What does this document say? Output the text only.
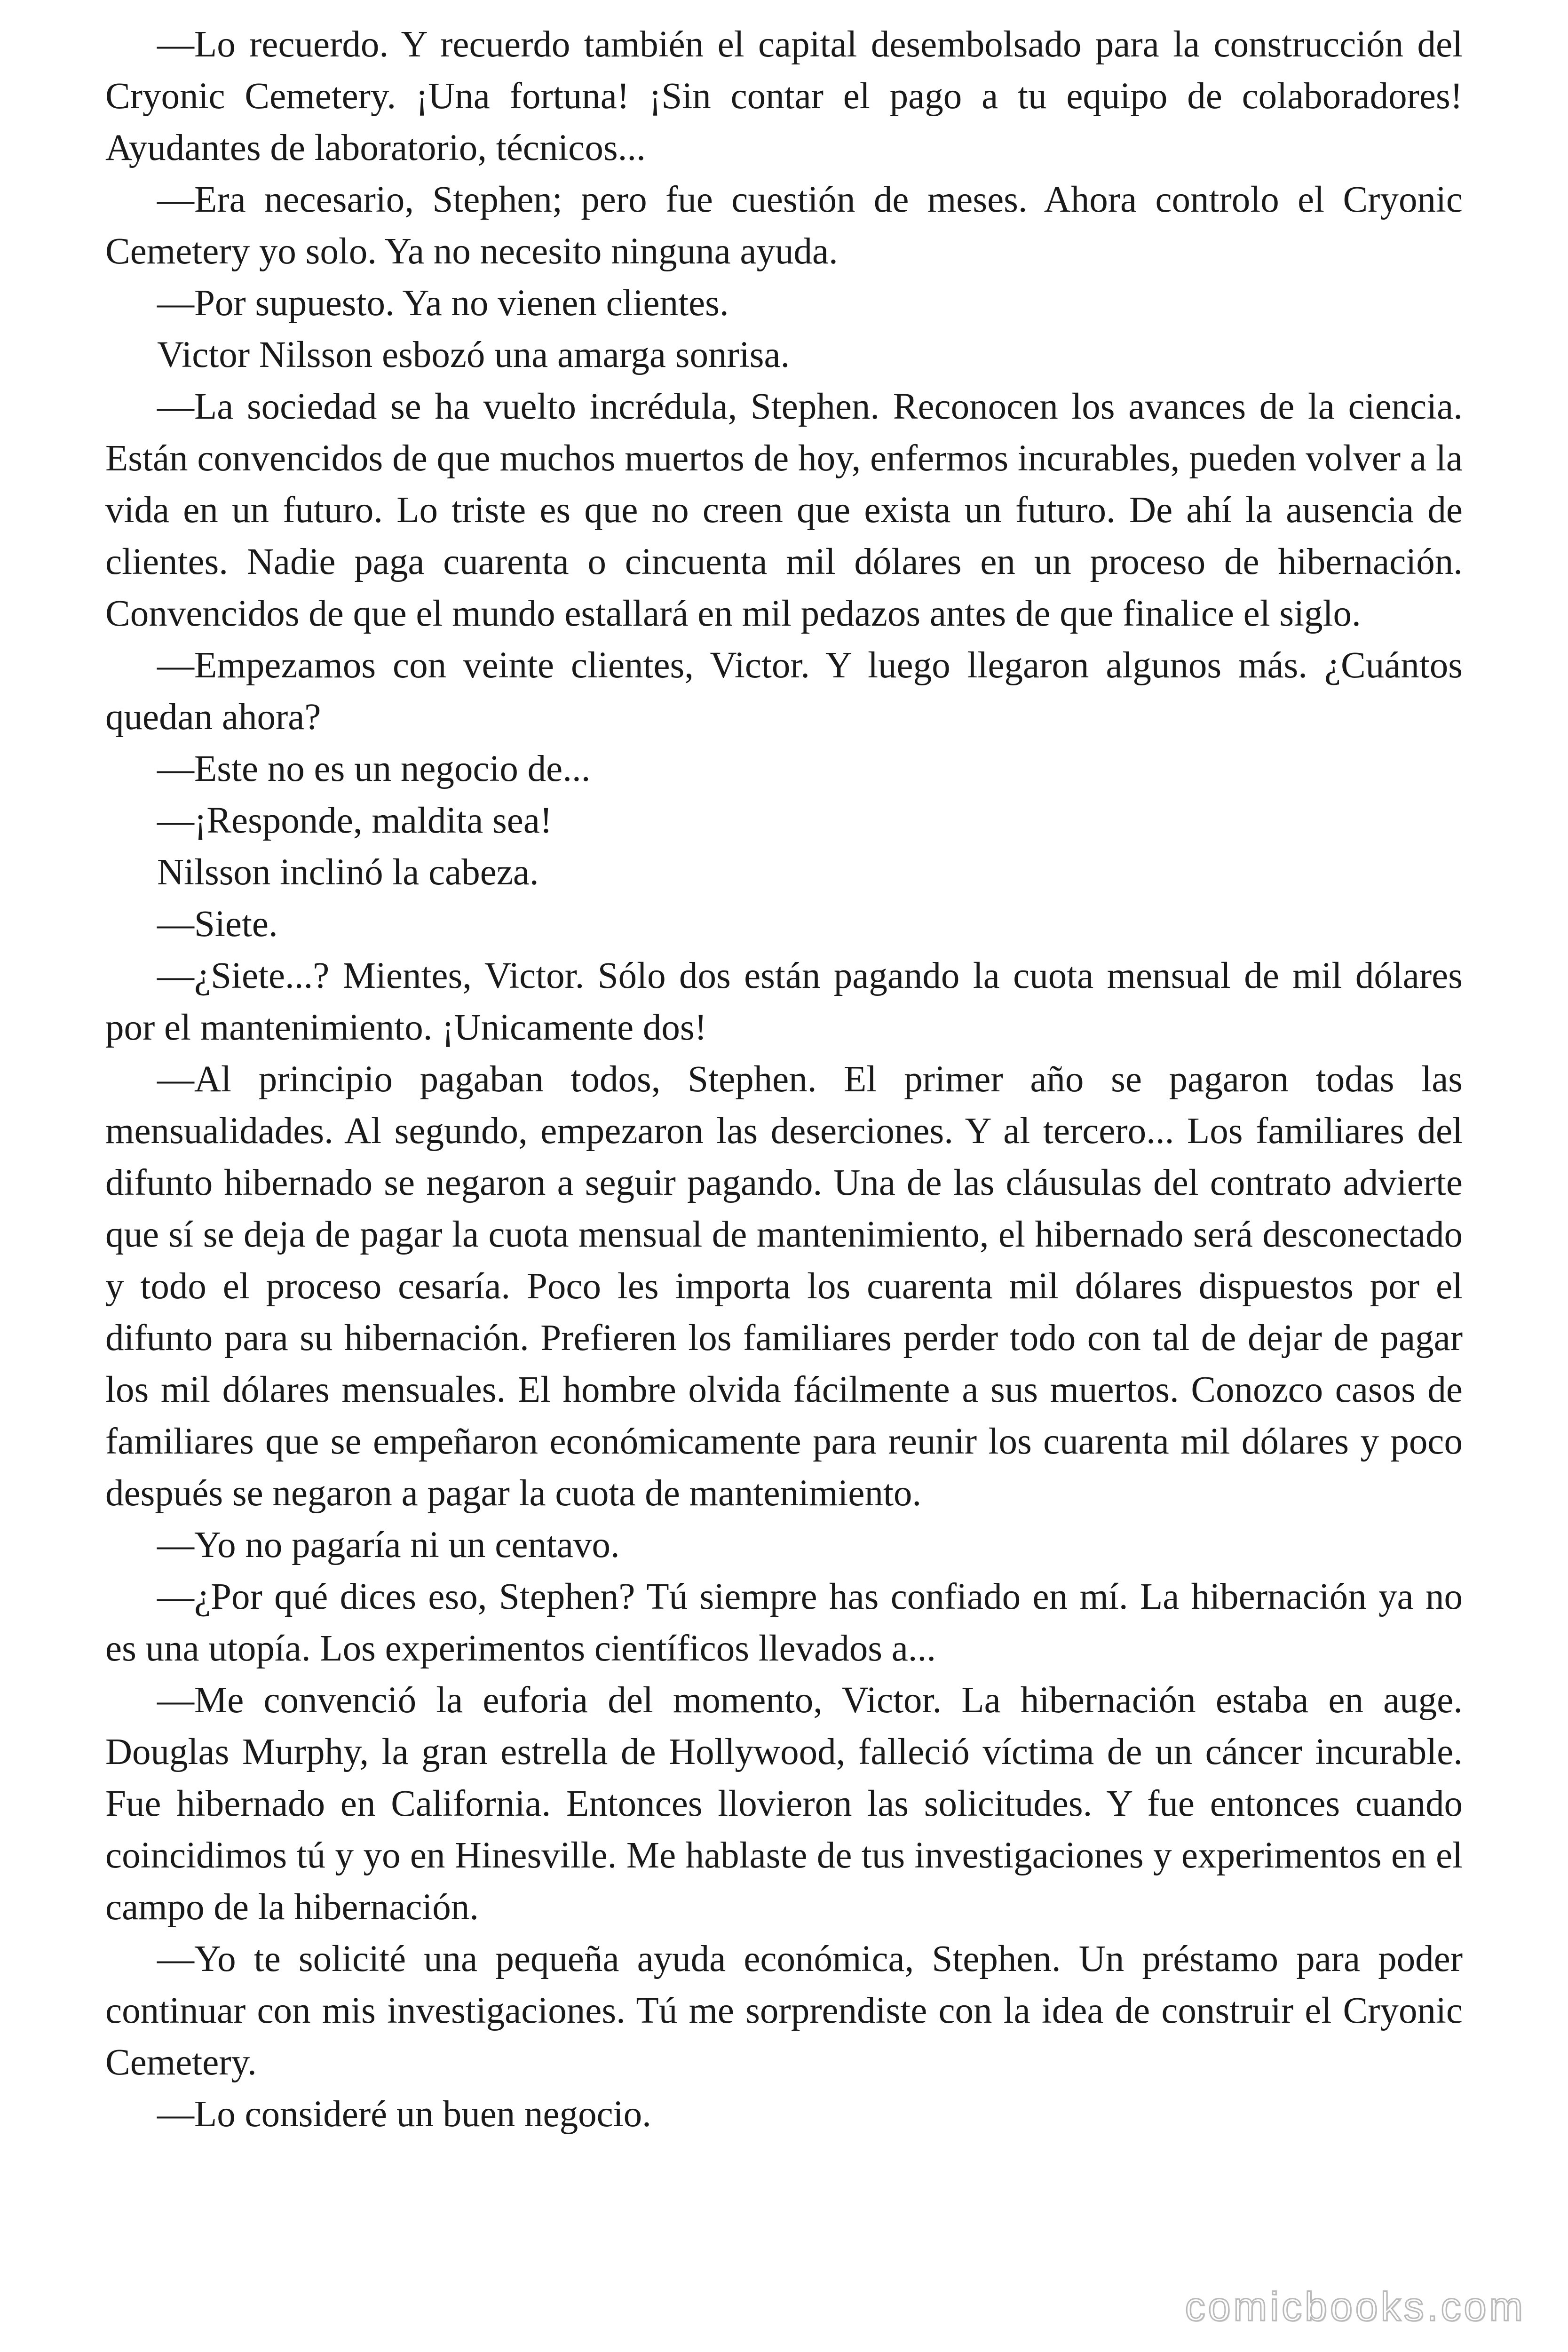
—Lo recuerdo. Y recuerdo también el capital desembolsado para la construcción del Cryonic Cemetery. ¡Una fortuna! ¡Sin contar el pago a tu equipo de colaboradores! Ayudantes de laboratorio, técnicos...

—Era necesario, Stephen; pero fue cuestión de meses. Ahora controlo el Cryonic Cemetery yo solo. Ya no necesito ninguna ayuda.

—Por supuesto. Ya no vienen clientes.

Victor Nilsson esbozó una amarga sonrisa.

—La sociedad se ha vuelto incrédula, Stephen. Reconocen los avances de la ciencia. Están convencidos de que muchos muertos de hoy, enfermos incurables, pueden volver a la vida en un futuro. Lo triste es que no creen que exista un futuro. De ahí la ausencia de clientes. Nadie paga cuarenta o cincuenta mil dólares en un proceso de hibernación. Convencidos de que el mundo estallará en mil pedazos antes de que finalice el siglo.

—Empezamos con veinte clientes, Victor. Y luego llegaron algunos más. ¿Cuántos quedan ahora?

—Este no es un negocio de...

—¡Responde, maldita sea!

Nilsson inclinó la cabeza.

—Siete.

—¿Siete...? Mientes, Victor. Sólo dos están pagando la cuota mensual de mil dólares por el mantenimiento. ¡Unicamente dos!

—Al principio pagaban todos, Stephen. El primer año se pagaron todas las mensualidades. Al segundo, empezaron las deserciones. Y al tercero... Los familiares del difunto hibernado se negaron a seguir pagando. Una de las cláusulas del contrato advierte que sí se deja de pagar la cuota mensual de mantenimiento, el hibernado será desconectado y todo el proceso cesaría. Poco les importa los cuarenta mil dólares dispuestos por el difunto para su hibernación. Prefieren los familiares perder todo con tal de dejar de pagar los mil dólares mensuales. El hombre olvida fácilmente a sus muertos. Conozco casos de familiares que se empeñaron económicamente para reunir los cuarenta mil dólares y poco después se negaron a pagar la cuota de mantenimiento.

—Yo no pagaría ni un centavo.

—¿Por qué dices eso, Stephen? Tú siempre has confiado en mí. La hibernación ya no es una utopía. Los experimentos científicos llevados a...

—Me convenció la euforia del momento, Victor. La hibernación estaba en auge. Douglas Murphy, la gran estrella de Hollywood, falleció víctima de un cáncer incurable. Fue hibernado en California. Entonces llovieron las solicitudes. Y fue entonces cuando coincidimos tú y yo en Hinesville. Me hablaste de tus investigaciones y experimentos en el campo de la hibernación.

—Yo te solicité una pequeña ayuda económica, Stephen. Un préstamo para poder continuar con mis investigaciones. Tú me sorprendiste con la idea de construir el Cryonic Cemetery.

—Lo consideré un buen negocio.

comicbooks.com
